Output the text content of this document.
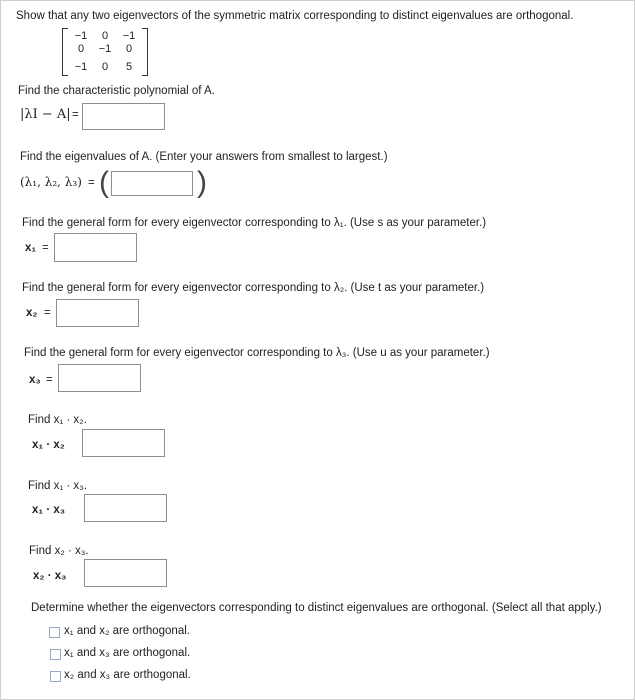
Show that any two eigenvectors of the symmetric matrix corresponding to distinct eigenvalues are orthogonal.
−1	0	−1
0	−1	0
−1	0	5
Find the characteristic polynomial of A.
|λI − A| =
Find the eigenvalues of A. (Enter your answers from smallest to largest.)
(λ₁, λ₂, λ₃) = (	)
Find the general form for every eigenvector corresponding to λ₁. (Use s as your parameter.)
x₁ =
Find the general form for every eigenvector corresponding to λ₂. (Use t as your parameter.)
x₂ =
Find the general form for every eigenvector corresponding to λ₃. (Use u as your parameter.)
x₃ =
Find x₁ · x₂.
x₁ · x₂
Find x₁ · x₃.
x₁ · x₃
Find x₂ · x₃.
x₂ · x₃
Determine whether the eigenvectors corresponding to distinct eigenvalues are orthogonal. (Select all that apply.)
x₁ and x₂ are orthogonal.
x₁ and x₃ are orthogonal.
x₂ and x₃ are orthogonal.
